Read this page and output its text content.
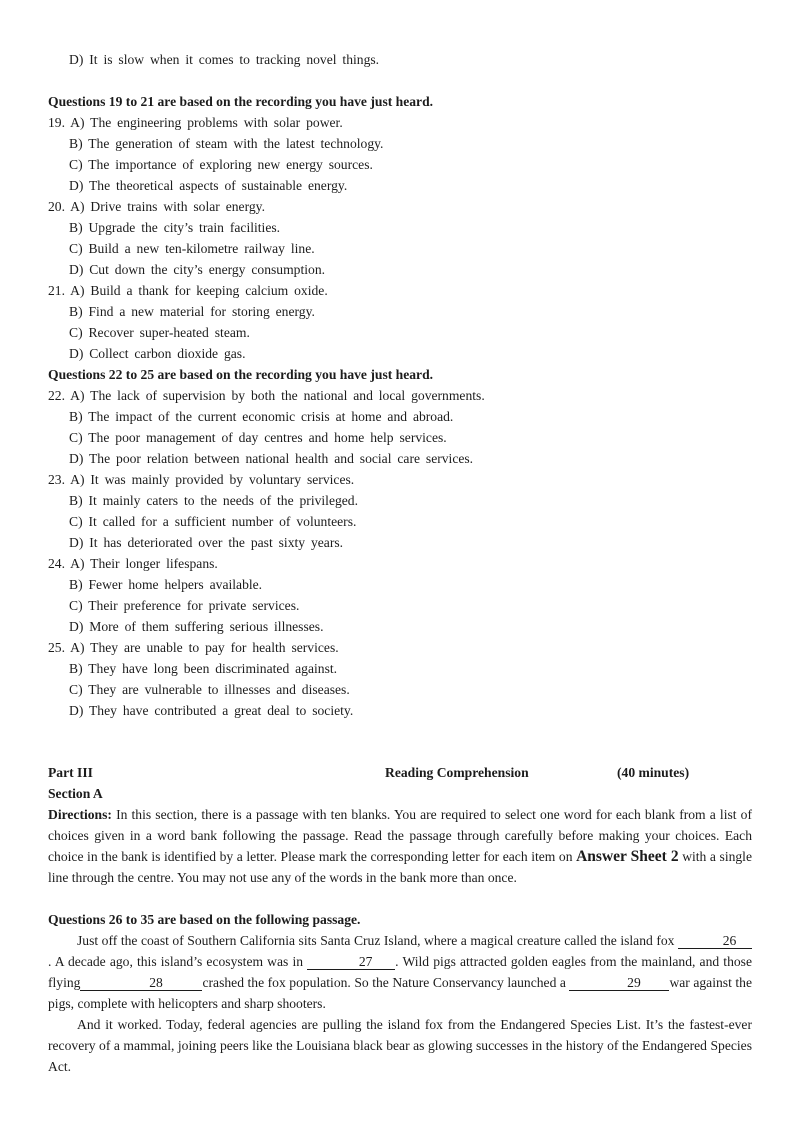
D) It is slow when it comes to tracking novel things.
Questions 19 to 21 are based on the recording you have just heard.
19. A) The engineering problems with solar power.
B) The generation of steam with the latest technology.
C) The importance of exploring new energy sources.
D) The theoretical aspects of sustainable energy.
20. A) Drive trains with solar energy.
B) Upgrade the city’s train facilities.
C) Build a new ten-kilometre railway line.
D) Cut down the city’s energy consumption.
21. A) Build a thank for keeping calcium oxide.
B) Find a new material for storing energy.
C) Recover super-heated steam.
D) Collect carbon dioxide gas.
Questions 22 to 25 are based on the recording you have just heard.
22. A) The lack of supervision by both the national and local governments.
B) The impact of the current economic crisis at home and abroad.
C) The poor management of day centres and home help services.
D) The poor relation between national health and social care services.
23. A) It was mainly provided by voluntary services.
B) It mainly caters to the needs of the privileged.
C) It called for a sufficient number of volunteers.
D) It has deteriorated over the past sixty years.
24. A) Their longer lifespans.
B) Fewer home helpers available.
C) Their preference for private services.
D) More of them suffering serious illnesses.
25. A) They are unable to pay for health services.
B) They have long been discriminated against.
C) They are vulnerable to illnesses and diseases.
D) They have contributed a great deal to society.
Part III	Reading Comprehension	(40 minutes)
Section A

Directions: In this section, there is a passage with ten blanks. You are required to select one word for each blank from a list of choices given in a word bank following the passage. Read the passage through carefully before making your choices. Each choice in the bank is identified by a letter. Please mark the corresponding letter for each item on Answer Sheet 2 with a single line through the centre. You may not use any of the words in the bank more than once.

Questions 26 to 35 are based on the following passage.

Just off the coast of Southern California sits Santa Cruz Island, where a magical creature called the island fox	26 . A decade ago, this island’s ecosystem was in	27 . Wild pigs attracted golden eagles from the mainland, and those flying	28	crashed the fox population. So the Nature Conservancy launched a	29 war against the pigs, complete with helicopters and sharp shooters.

And it worked. Today, federal agencies are pulling the island fox from the Endangered Species List. It’s the fastest-ever recovery of a mammal, joining peers like the Louisiana black bear as glowing successes in the history of the Endangered Species Act.
